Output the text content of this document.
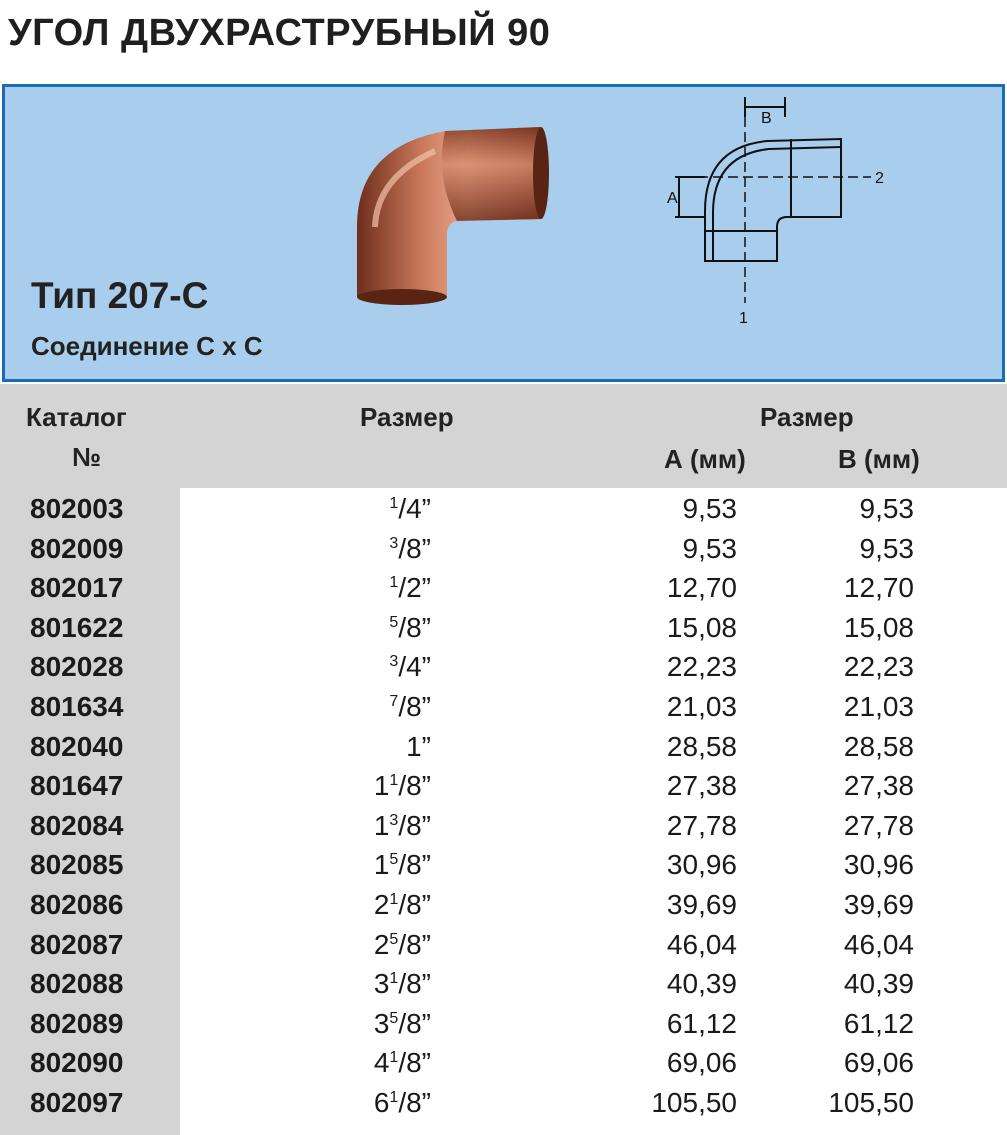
УГОЛ ДВУХРАСТРУБНЫЙ 90
B
A
2
1
Тип 207-С
Соединение С х С
Каталог
№
Размер	Размер
А (мм)	В (мм)
802003	$^1$/4”	9,53	9,53
802009	$^3$/8”	9,53	9,53
802017	$^1$/2”	12,70	12,70
801622	$^5$/8”	15,08	15,08
802028	$^3$/4”	22,23	22,23
801634	$^7$/8”	21,03	21,03
802040	1”	28,58	28,58
801647	$1^1/8$”	27,38	27,38
802084	$1^3/8$”	27,78	27,78
802085	$1^5/8$”	30,96	30,96
802086	$2^1/8$”	39,69	39,69
802087	$2^5/8$”	46,04	46,04
802088	$3^1/8$”	40,39	40,39
802089	$3^5/8$”	61,12	61,12
802090	$4^1/8$”	69,06	69,06
802097	$6^1/8$”	105,50	105,50
